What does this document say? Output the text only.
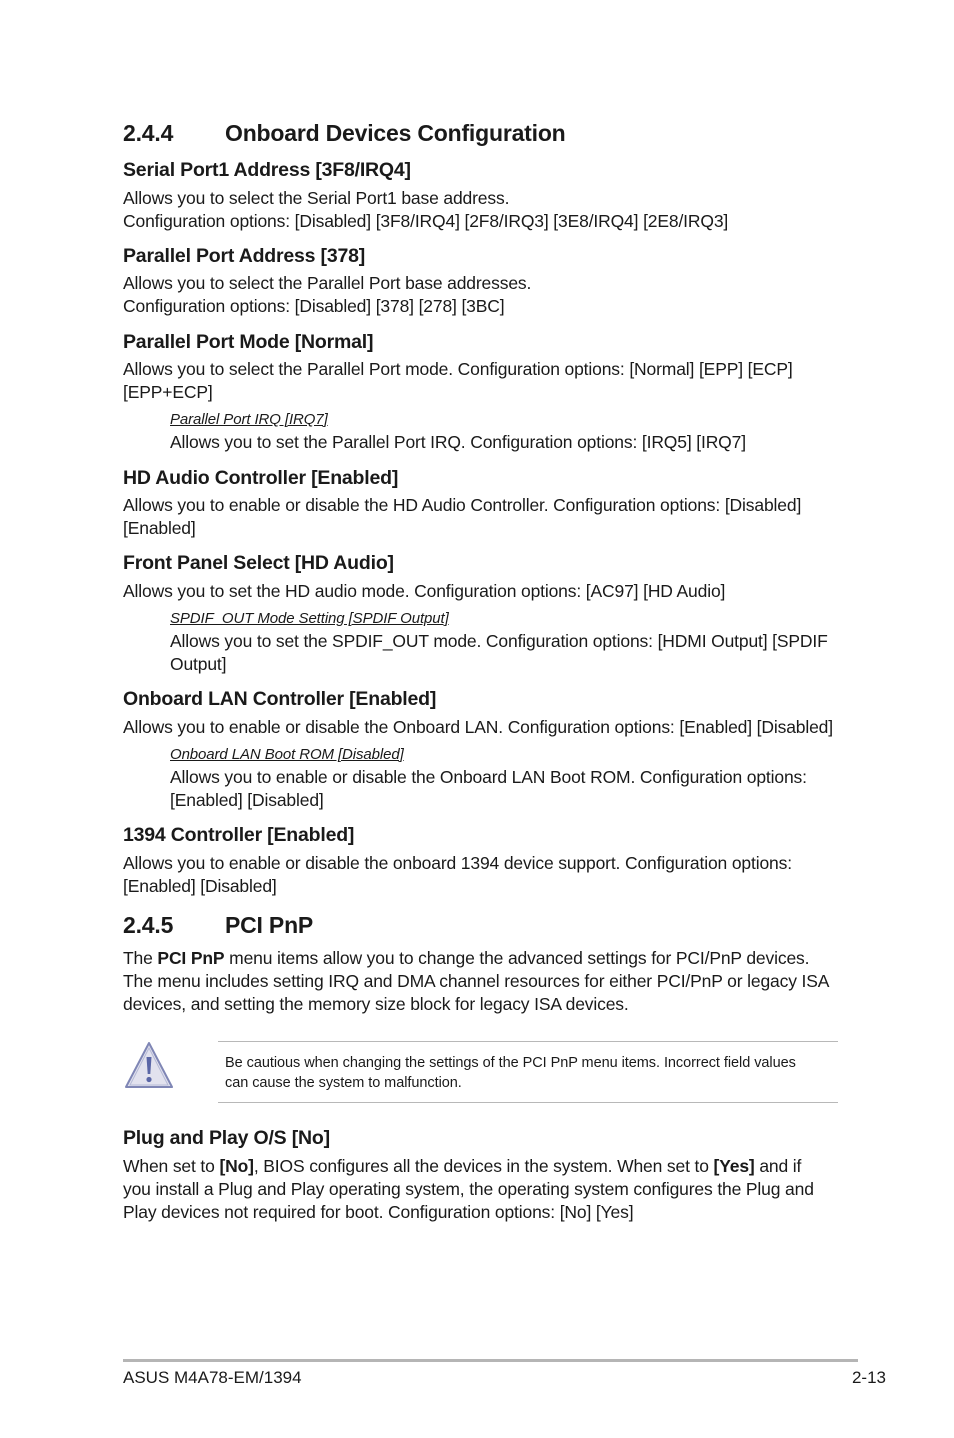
2.4.4 Onboard Devices Configuration
Serial Port1 Address [3F8/IRQ4]
Allows you to select the Serial Port1 base address.
Configuration options: [Disabled] [3F8/IRQ4] [2F8/IRQ3] [3E8/IRQ4] [2E8/IRQ3]
Parallel Port Address [378]
Allows you to select the Parallel Port base addresses.
Configuration options: [Disabled] [378] [278] [3BC]
Parallel Port Mode [Normal]
Allows you to select the Parallel Port mode. Configuration options: [Normal] [EPP] [ECP]
[EPP+ECP]
Parallel Port IRQ [IRQ7]
Allows you to set the Parallel Port IRQ. Configuration options: [IRQ5] [IRQ7]
HD Audio Controller [Enabled]
Allows you to enable or disable the HD Audio Controller. Configuration options: [Disabled]
[Enabled]
Front Panel Select [HD Audio]
Allows you to set the HD audio mode. Configuration options: [AC97] [HD Audio]
SPDIF_OUT Mode Setting [SPDIF Output]
Allows you to set the SPDIF_OUT mode. Configuration options: [HDMI Output] [SPDIF
Output]
Onboard LAN Controller [Enabled]
Allows you to enable or disable the Onboard LAN. Configuration options: [Enabled] [Disabled]
Onboard LAN Boot ROM [Disabled]
Allows you to enable or disable the Onboard LAN Boot ROM. Configuration options:
[Enabled] [Disabled]
1394 Controller [Enabled]
Allows you to enable or disable the onboard 1394 device support. Configuration options:
[Enabled] [Disabled]
2.4.5 PCI PnP
The PCI PnP menu items allow you to change the advanced settings for PCI/PnP devices.
The menu includes setting IRQ and DMA channel resources for either PCI/PnP or legacy ISA
devices, and setting the memory size block for legacy ISA devices.
Plug and Play O/S [No]
When set to [No], BIOS configures all the devices in the system. When set to [Yes] and if
you install a Plug and Play operating system, the operating system configures the Plug and
Play devices not required for boot. Configuration options: [No] [Yes]
Be cautious when changing the settings of the PCI PnP menu items. Incorrect field values
can cause the system to malfunction.
ASUS M4A78-EM/1394	2-13
